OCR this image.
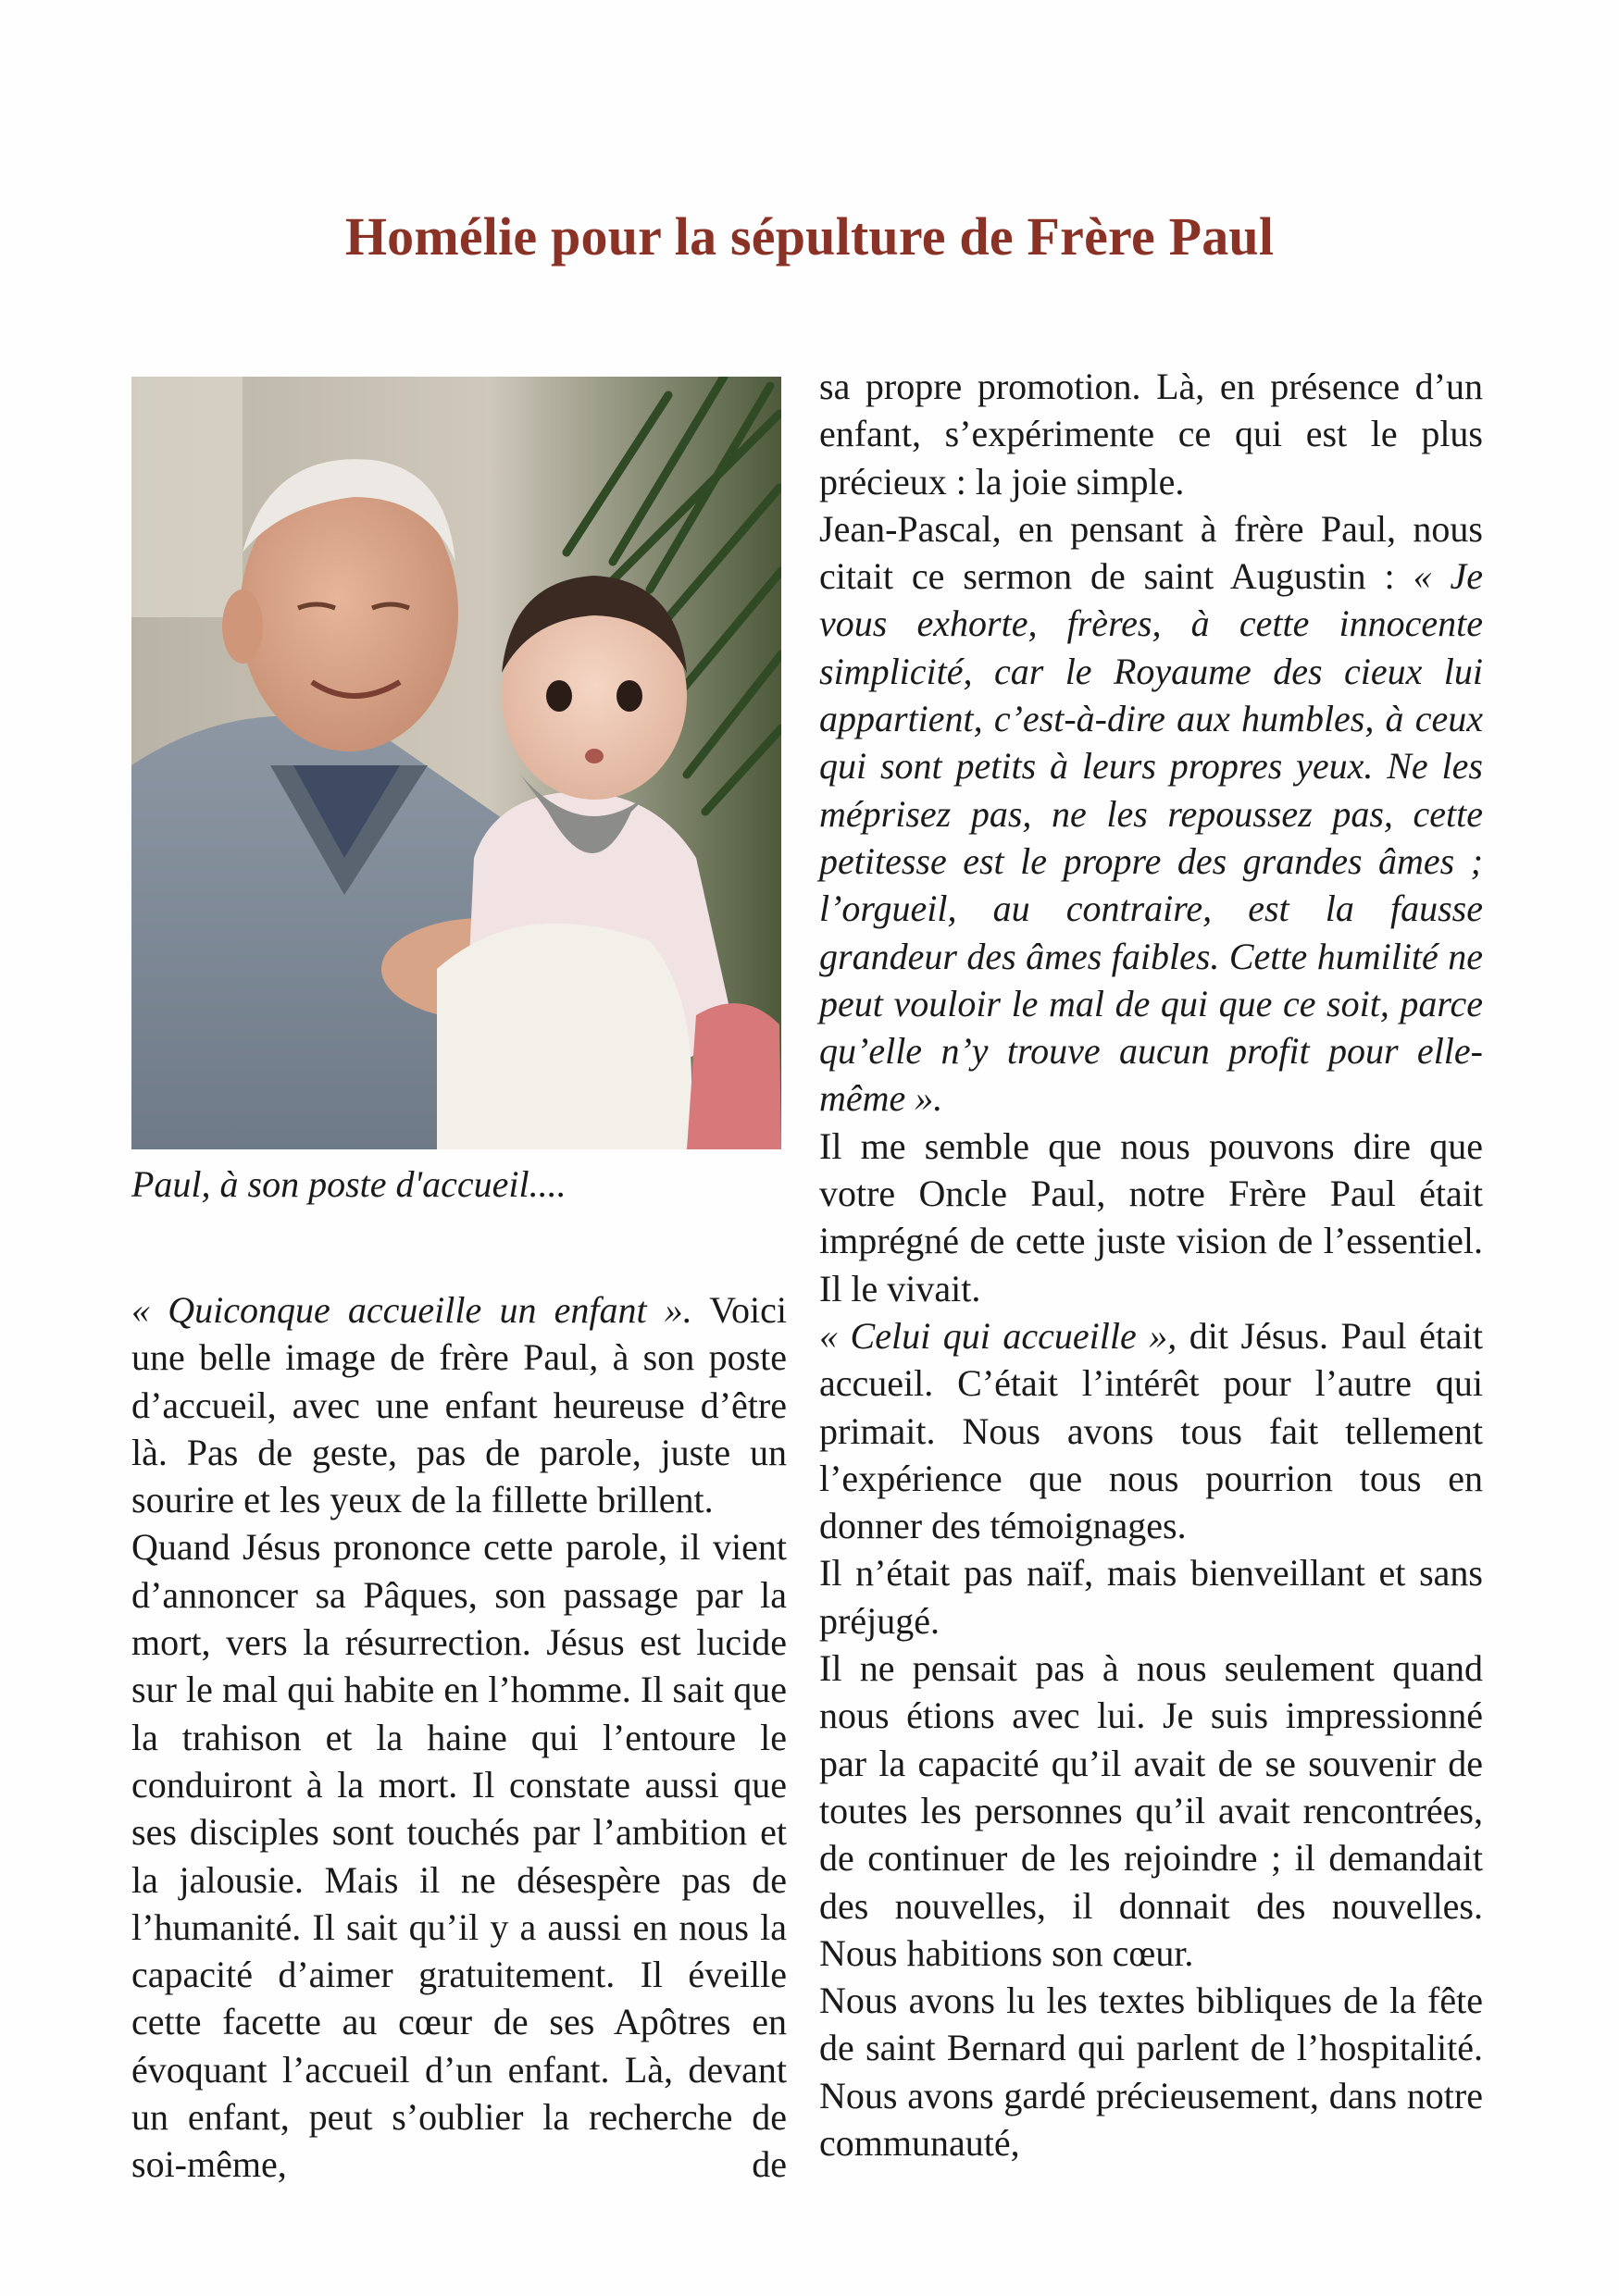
Homélie pour la sépulture de Frère Paul

Paul, à son poste d'accueil....

« Quiconque accueille un enfant ». Voici une belle image de frère Paul, à son poste d’accueil, avec une enfant heureuse d’être là. Pas de geste, pas de parole, juste un sourire et les yeux de la fillette brillent.

Quand Jésus prononce cette parole, il vient d’annoncer sa Pâques, son passage par la mort, vers la résurrection. Jésus est lucide sur le mal qui habite en l’homme. Il sait que la trahison et la haine qui l’entoure le conduiront à la mort. Il constate aussi que ses disciples sont touchés par l’ambition et la jalousie. Mais il ne désespère pas de l’humanité. Il sait qu’il y a aussi en nous la capacité d’aimer gratuitement. Il éveille cette facette au cœur de ses Apôtres en évoquant l’accueil d’un enfant. Là, devant un enfant, peut s’oublier la recherche de soi-même, de

sa propre promotion. Là, en présence d’un enfant, s’expérimente ce qui est le plus précieux : la joie simple.

Jean-Pascal, en pensant à frère Paul, nous citait ce sermon de saint Augustin : « Je vous exhorte, frères, à cette innocente simplicité, car le Royaume des cieux lui appartient, c’est-à-dire aux humbles, à ceux qui sont petits à leurs propres yeux. Ne les méprisez pas, ne les repoussez pas, cette petitesse est le propre des grandes âmes ; l’orgueil, au contraire, est la fausse grandeur des âmes faibles. Cette humilité ne peut vouloir le mal de qui que ce soit, parce qu’elle n’y trouve aucun profit pour elle-même ».

Il me semble que nous pouvons dire que votre Oncle Paul, notre Frère Paul était imprégné de cette juste vision de l’essentiel. Il le vivait.

« Celui qui accueille », dit Jésus. Paul était accueil. C’était l’intérêt pour l’autre qui primait. Nous avons tous fait tellement l’expérience que nous pourrion tous en donner des témoignages.

Il n’était pas naïf, mais bienveillant et sans préjugé.

Il ne pensait pas à nous seulement quand nous étions avec lui. Je suis impressionné par la capacité qu’il avait de se souvenir de toutes les personnes qu’il avait rencontrées, de continuer de les rejoindre ; il demandait des nouvelles, il donnait des nouvelles. Nous habitions son cœur.

Nous avons lu les textes bibliques de la fête de saint Bernard qui parlent de l’hospitalité. Nous avons gardé précieusement, dans notre communauté,
